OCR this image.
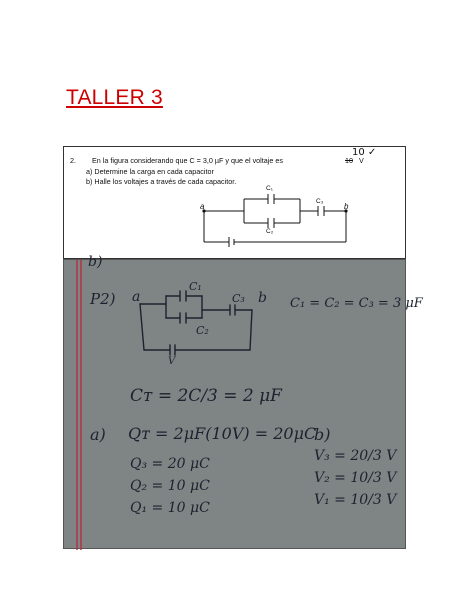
TALLER 3
2. En la figura considerando que C = 3,0 µF y que el voltaje es	10 V
a) Determine la carga en cada capacitor
b) Halle los voltajes a través de cada capacitor.
10 ✓
a	b
C₁
C₂
C₃
b)
P2) a	b
C₁
C₂
C₃
V
C₁ = C₂ = C₃ = 3 μF
Cᴛ = 2C/3 = 2 μF
a) Qᴛ = 2μF(10V) = 20μC
b)
Q₃ = 20 μC
Q₂ = 10 μC
Q₁ = 10 μC
V₃ = 20/3 V
V₂ = 10/3 V
V₁ = 10/3 V
